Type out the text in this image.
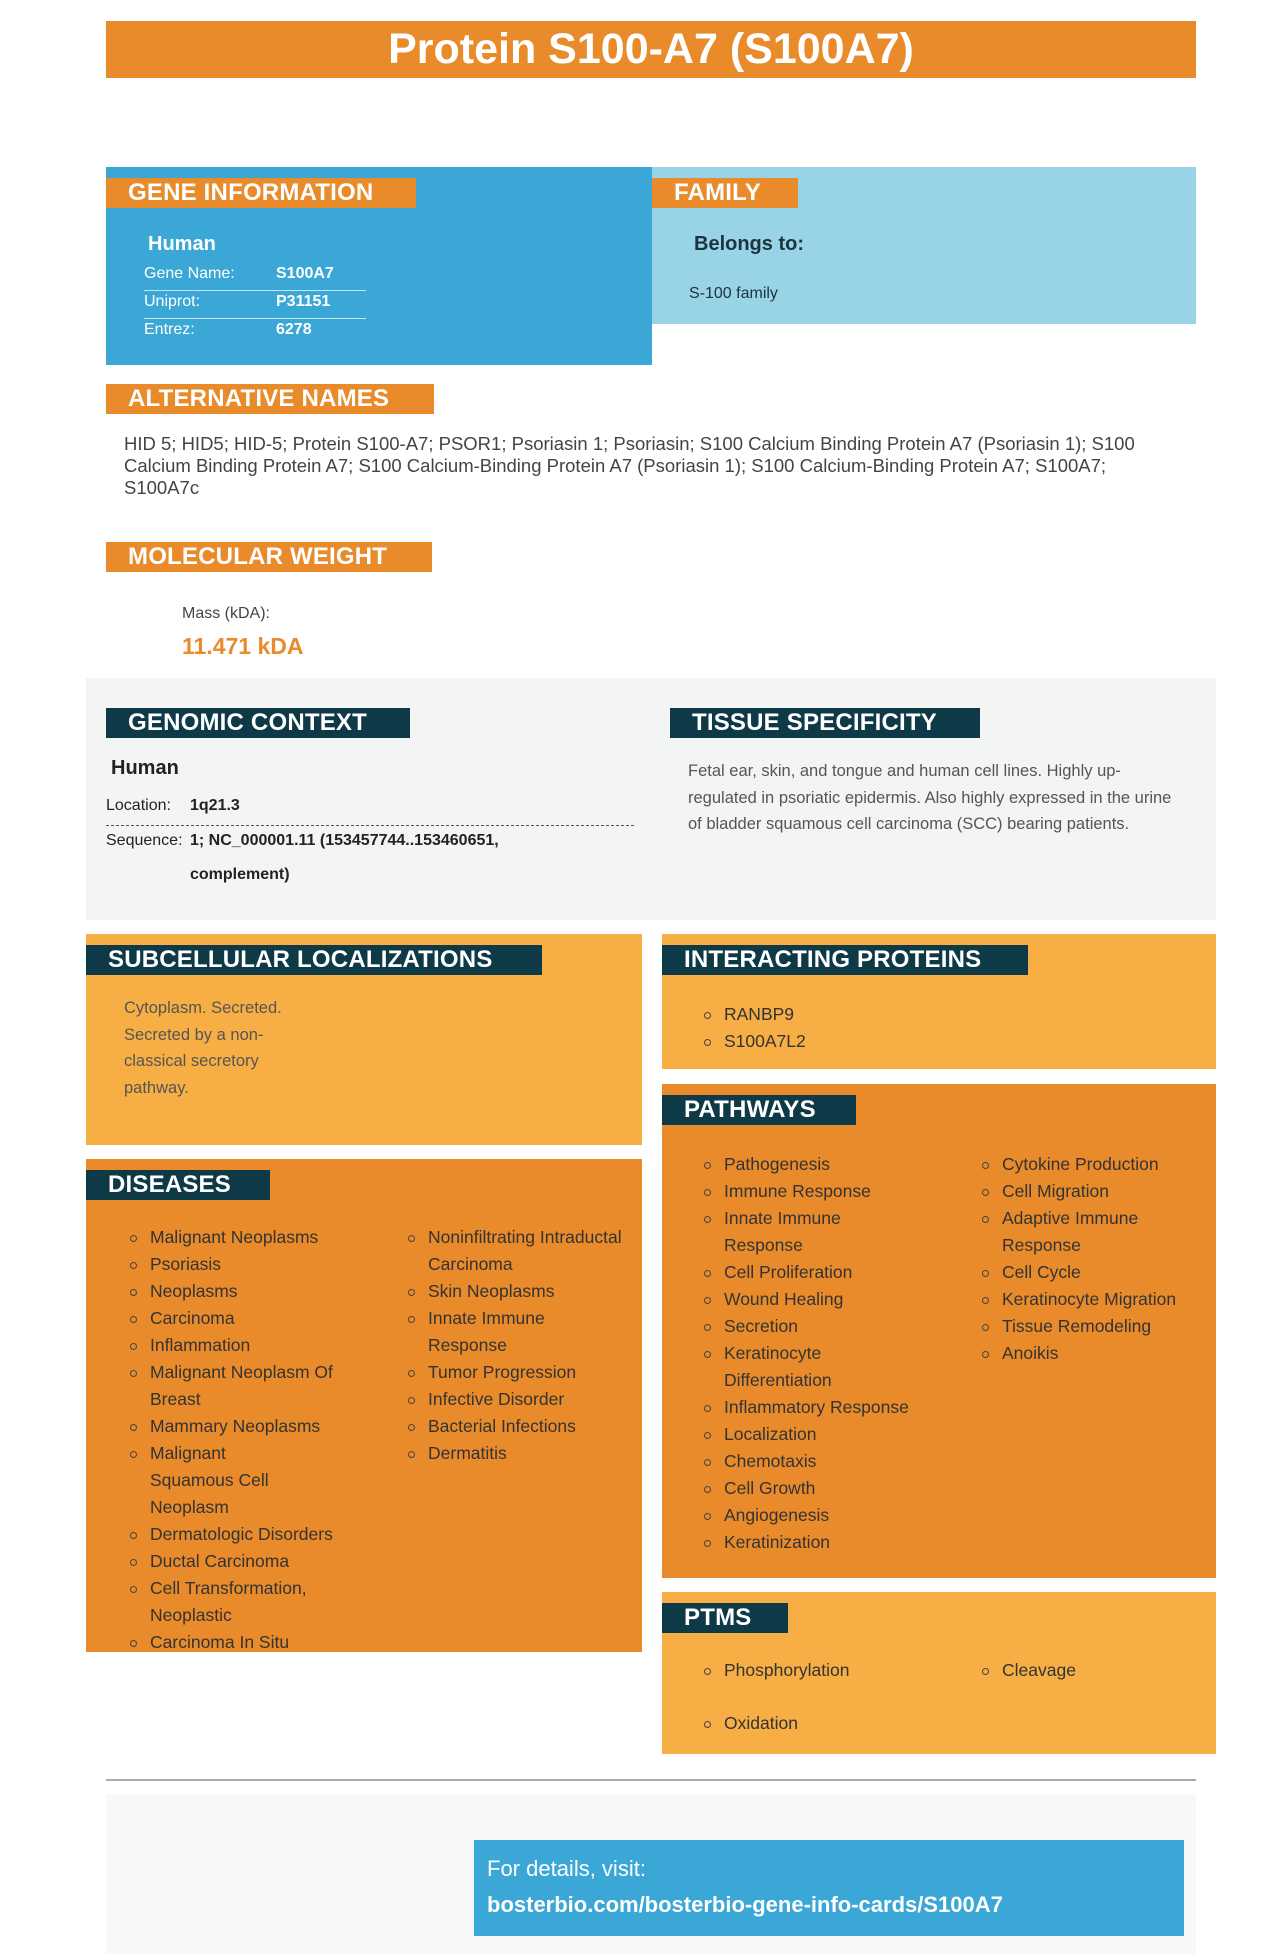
Protein S100-A7 (S100A7)
GENE INFORMATION
Human
Gene Name:	S100A7
Uniprot:	P31151
Entrez:	6278
FAMILY
Belongs to:
S-100 family
ALTERNATIVE NAMES
HID 5; HID5; HID-5; Protein S100-A7; PSOR1; Psoriasin 1; Psoriasin; S100 Calcium Binding Protein A7 (Psoriasin 1); S100 Calcium Binding Protein A7; S100 Calcium-Binding Protein A7 (Psoriasin 1); S100 Calcium-Binding Protein A7; S100A7; S100A7c
MOLECULAR WEIGHT
Mass (kDA):
11.471 kDA
GENOMIC CONTEXT
Human
Location: 1q21.3
Sequence: 1; NC_000001.11 (153457744..153460651,
complement)
TISSUE SPECIFICITY
Fetal ear, skin, and tongue and human cell lines. Highly up-regulated in psoriatic epidermis. Also highly expressed in the urine of bladder squamous cell carcinoma (SCC) bearing patients.
SUBCELLULAR LOCALIZATIONS
Cytoplasm. Secreted. Secreted by a non-classical secretory pathway.
INTERACTING PROTEINS
RANBP9
S100A7L2
PATHWAYS
Pathogenesis
Immune Response
Innate Immune Response
Cell Proliferation
Wound Healing
Secretion
Keratinocyte Differentiation
Inflammatory Response
Localization
Chemotaxis
Cell Growth
Angiogenesis
Keratinization
Cytokine Production
Cell Migration
Adaptive Immune Response
Cell Cycle
Keratinocyte Migration
Tissue Remodeling
Anoikis
DISEASES
Malignant Neoplasms
Psoriasis
Neoplasms
Carcinoma
Inflammation
Malignant Neoplasm Of Breast
Mammary Neoplasms
Malignant Squamous Cell Neoplasm
Dermatologic Disorders
Ductal Carcinoma
Cell Transformation, Neoplastic
Carcinoma In Situ
Noninfiltrating Intraductal Carcinoma
Skin Neoplasms
Innate Immune Response
Tumor Progression
Infective Disorder
Bacterial Infections
Dermatitis
PTMS
Phosphorylation
Oxidation
Cleavage
For details, visit:
bosterbio.com/bosterbio-gene-info-cards/S100A7
